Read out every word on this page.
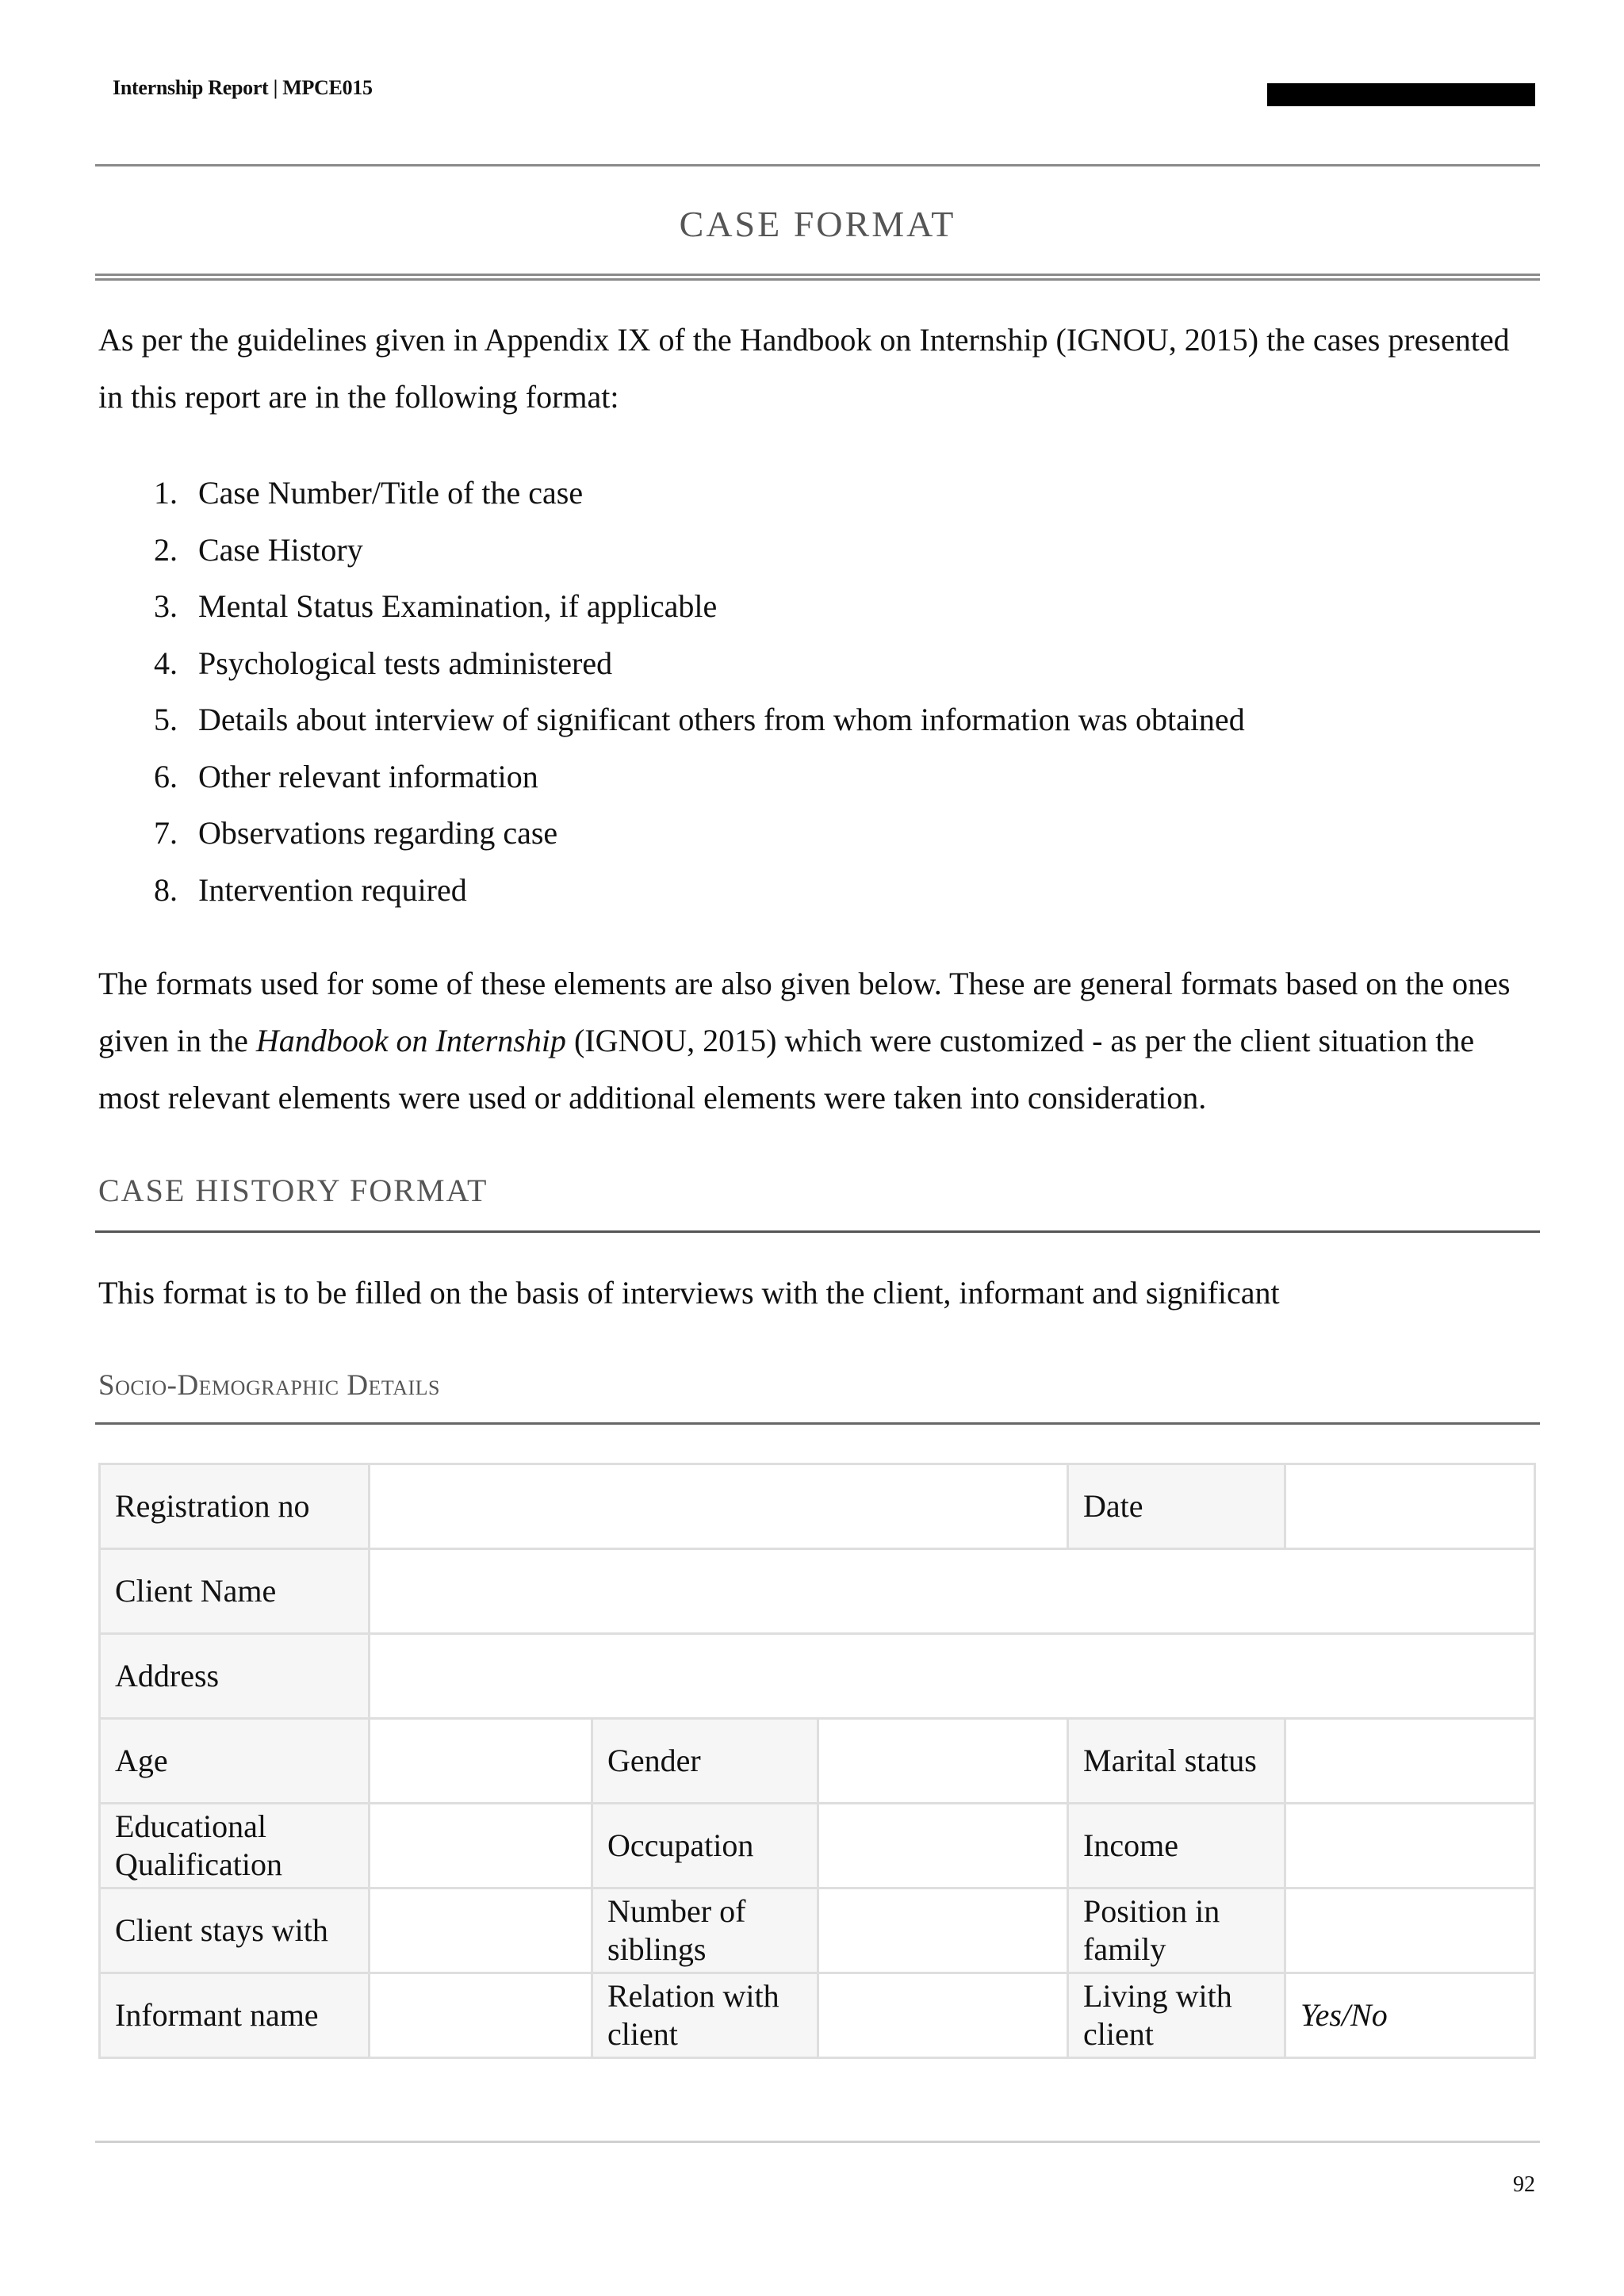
Internship Report | MPCE015
CASE FORMAT
As per the guidelines given in Appendix IX of the Handbook on Internship (IGNOU, 2015) the cases presented in this report are in the following format:
1. Case Number/Title of the case
2. Case History
3. Mental Status Examination, if applicable
4. Psychological tests administered
5. Details about interview of significant others from whom information was obtained
6. Other relevant information
7. Observations regarding case
8. Intervention required
The formats used for some of these elements are also given below. These are general formats based on the ones given in the Handbook on Internship (IGNOU, 2015) which were customized - as per the client situation the most relevant elements were used or additional elements were taken into consideration.
CASE HISTORY FORMAT
This format is to be filled on the basis of interviews with the client, informant and significant
Socio-Demographic Details
Registration no				Date	
Client Name					
Address					
Age		Gender		Marital status	
Educational Qualification		Occupation		Income	
Client stays with		Number of siblings		Position in family	
Informant name		Relation with client		Living with client	Yes/No
92
